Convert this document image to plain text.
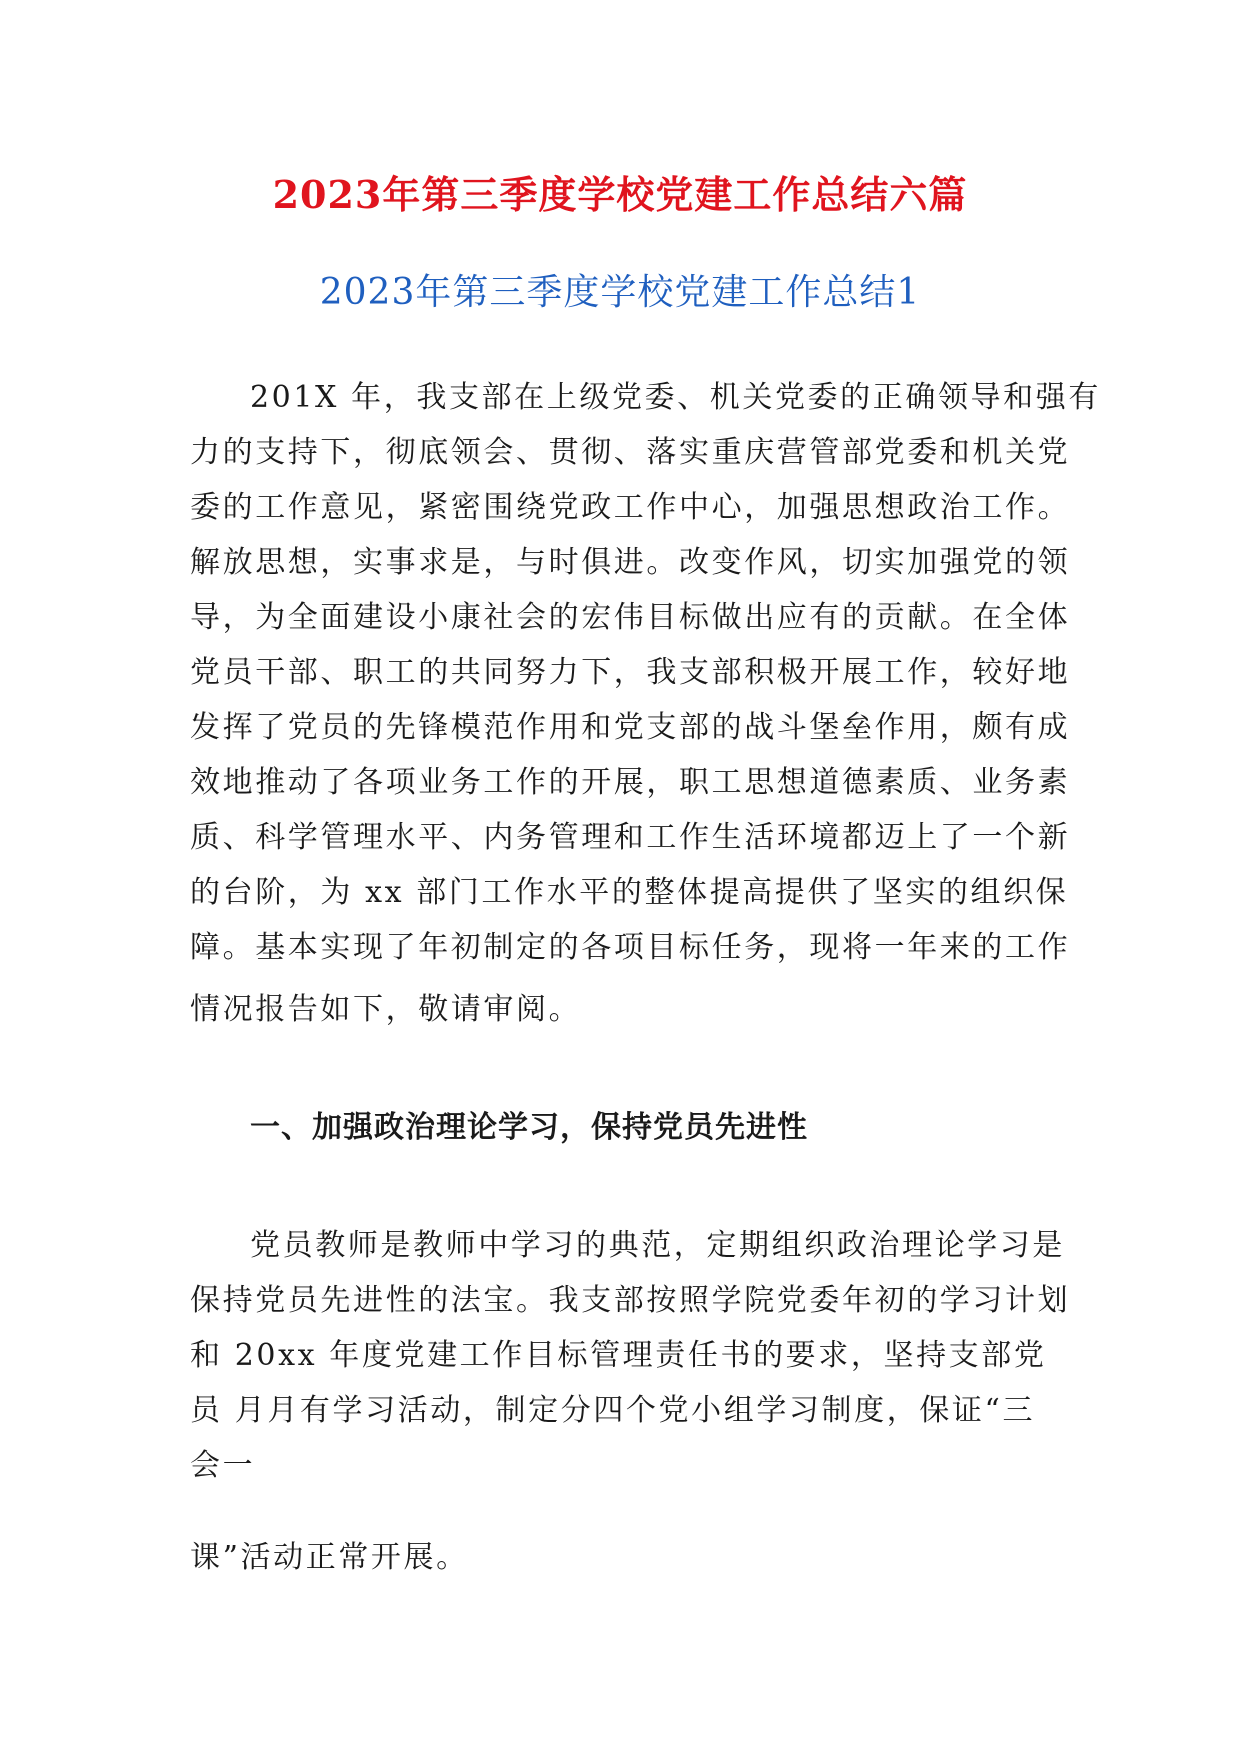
2023年第三季度学校党建工作总结六篇
2023年第三季度学校党建工作总结1
201X 年，我支部在上级党委、机关党委的正确领导和强有
力的支持下，彻底领会、贯彻、落实重庆营管部党委和机关党
委的工作意见，紧密围绕党政工作中心，加强思想政治工作。
解放思想，实事求是，与时俱进。改变作风，切实加强党的领
导，为全面建设小康社会的宏伟目标做出应有的贡献。在全体
党员干部、职工的共同努力下，我支部积极开展工作，较好地
发挥了党员的先锋模范作用和党支部的战斗堡垒作用，颇有成
效地推动了各项业务工作的开展，职工思想道德素质、业务素
质、科学管理水平、内务管理和工作生活环境都迈上了一个新
的台阶，为 xx 部门工作水平的整体提高提供了坚实的组织保
障。基本实现了年初制定的各项目标任务，现将一年来的工作
情况报告如下，敬请审阅。
一、加强政治理论学习，保持党员先进性
党员教师是教师中学习的典范，定期组织政治理论学习是
保持党员先进性的法宝。我支部按照学院党委年初的学习计划
和 20xx 年度党建工作目标管理责任书的要求，坚持支部党
员 月月有学习活动，制定分四个党小组学习制度，保证“三
会一
课”活动正常开展。
